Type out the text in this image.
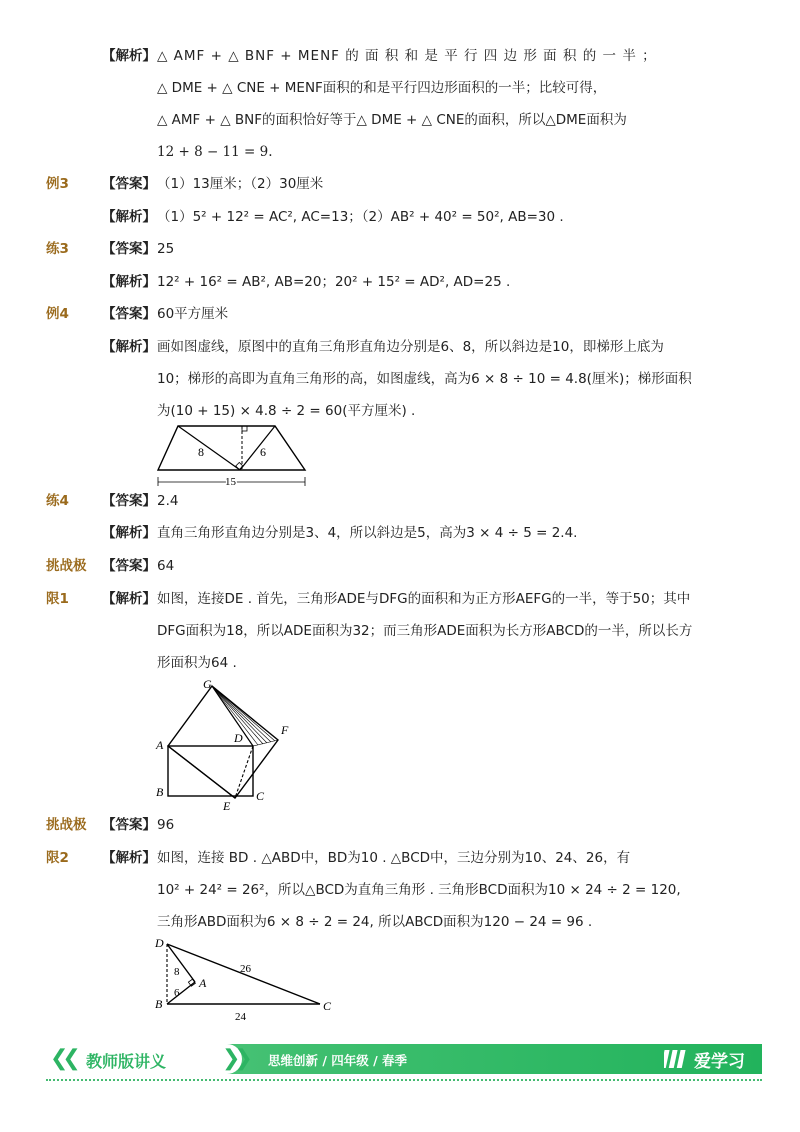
【解析】 △ AMF + △ BNF + MENF 的 面 积 和 是 平 行 四 边 形 面 积 的 一 半 ；
△ DME + △ CNE + MENF面积的和是平行四边形面积的一半；比较可得，
△ AMF + △ BNF的面积恰好等于△ DME + △ CNE的面积，所以△DME面积为
12 + 8 − 11 = 9.
例3 【答案】 （1）13厘米；（2）30厘米
【解析】 （1）5² + 12² = AC², AC=13；（2）AB² + 40² = 50², AB=30 .
练3 【答案】 25
【解析】 12² + 16² = AB², AB=20；20² + 15² = AD², AD=25 .
例4 【答案】 60平方厘米
【解析】 画如图虚线，原图中的直角三角形直角边分别是6、8，所以斜边是10，即梯形上底为
10；梯形的高即为直角三角形的高，如图虚线，高为6 × 8 ÷ 10 = 4.8(厘米)；梯形面积
为(10 + 15) × 4.8 ÷ 2 = 60(平方厘米) .
8	6
15
练4 【答案】 2.4
【解析】 直角三角形直角边分别是3、4，所以斜边是5，高为3 × 4 ÷ 5 = 2.4.
挑战极 【答案】 64
限1 【解析】 如图，连接DE . 首先，三角形ADE与DFG的面积和为正方形AEFG的一半，等于50；其中
DFG面积为18，所以ADE面积为32；而三角形ADE面积为长方形ABCD的一半，所以长方
形面积为64 .
G
F
A	D
B
E
C
挑战极 【答案】 96
限2 【解析】 如图，连接 BD . △ABD中，BD为10 . △BCD中，三边分别为10、24、26，有
10² + 24² = 26²，所以△BCD为直角三角形 . 三角形BCD面积为10 × 24 ÷ 2 = 120,
三角形ABD面积为6 × 8 ÷ 2 = 24, 所以ABCD面积为120 − 24 = 96 .
D
A
B	C
8
6
26
24
❮❮ 教师版讲义	❯❯ 思维创新 / 四年级 / 春季	爱学习
